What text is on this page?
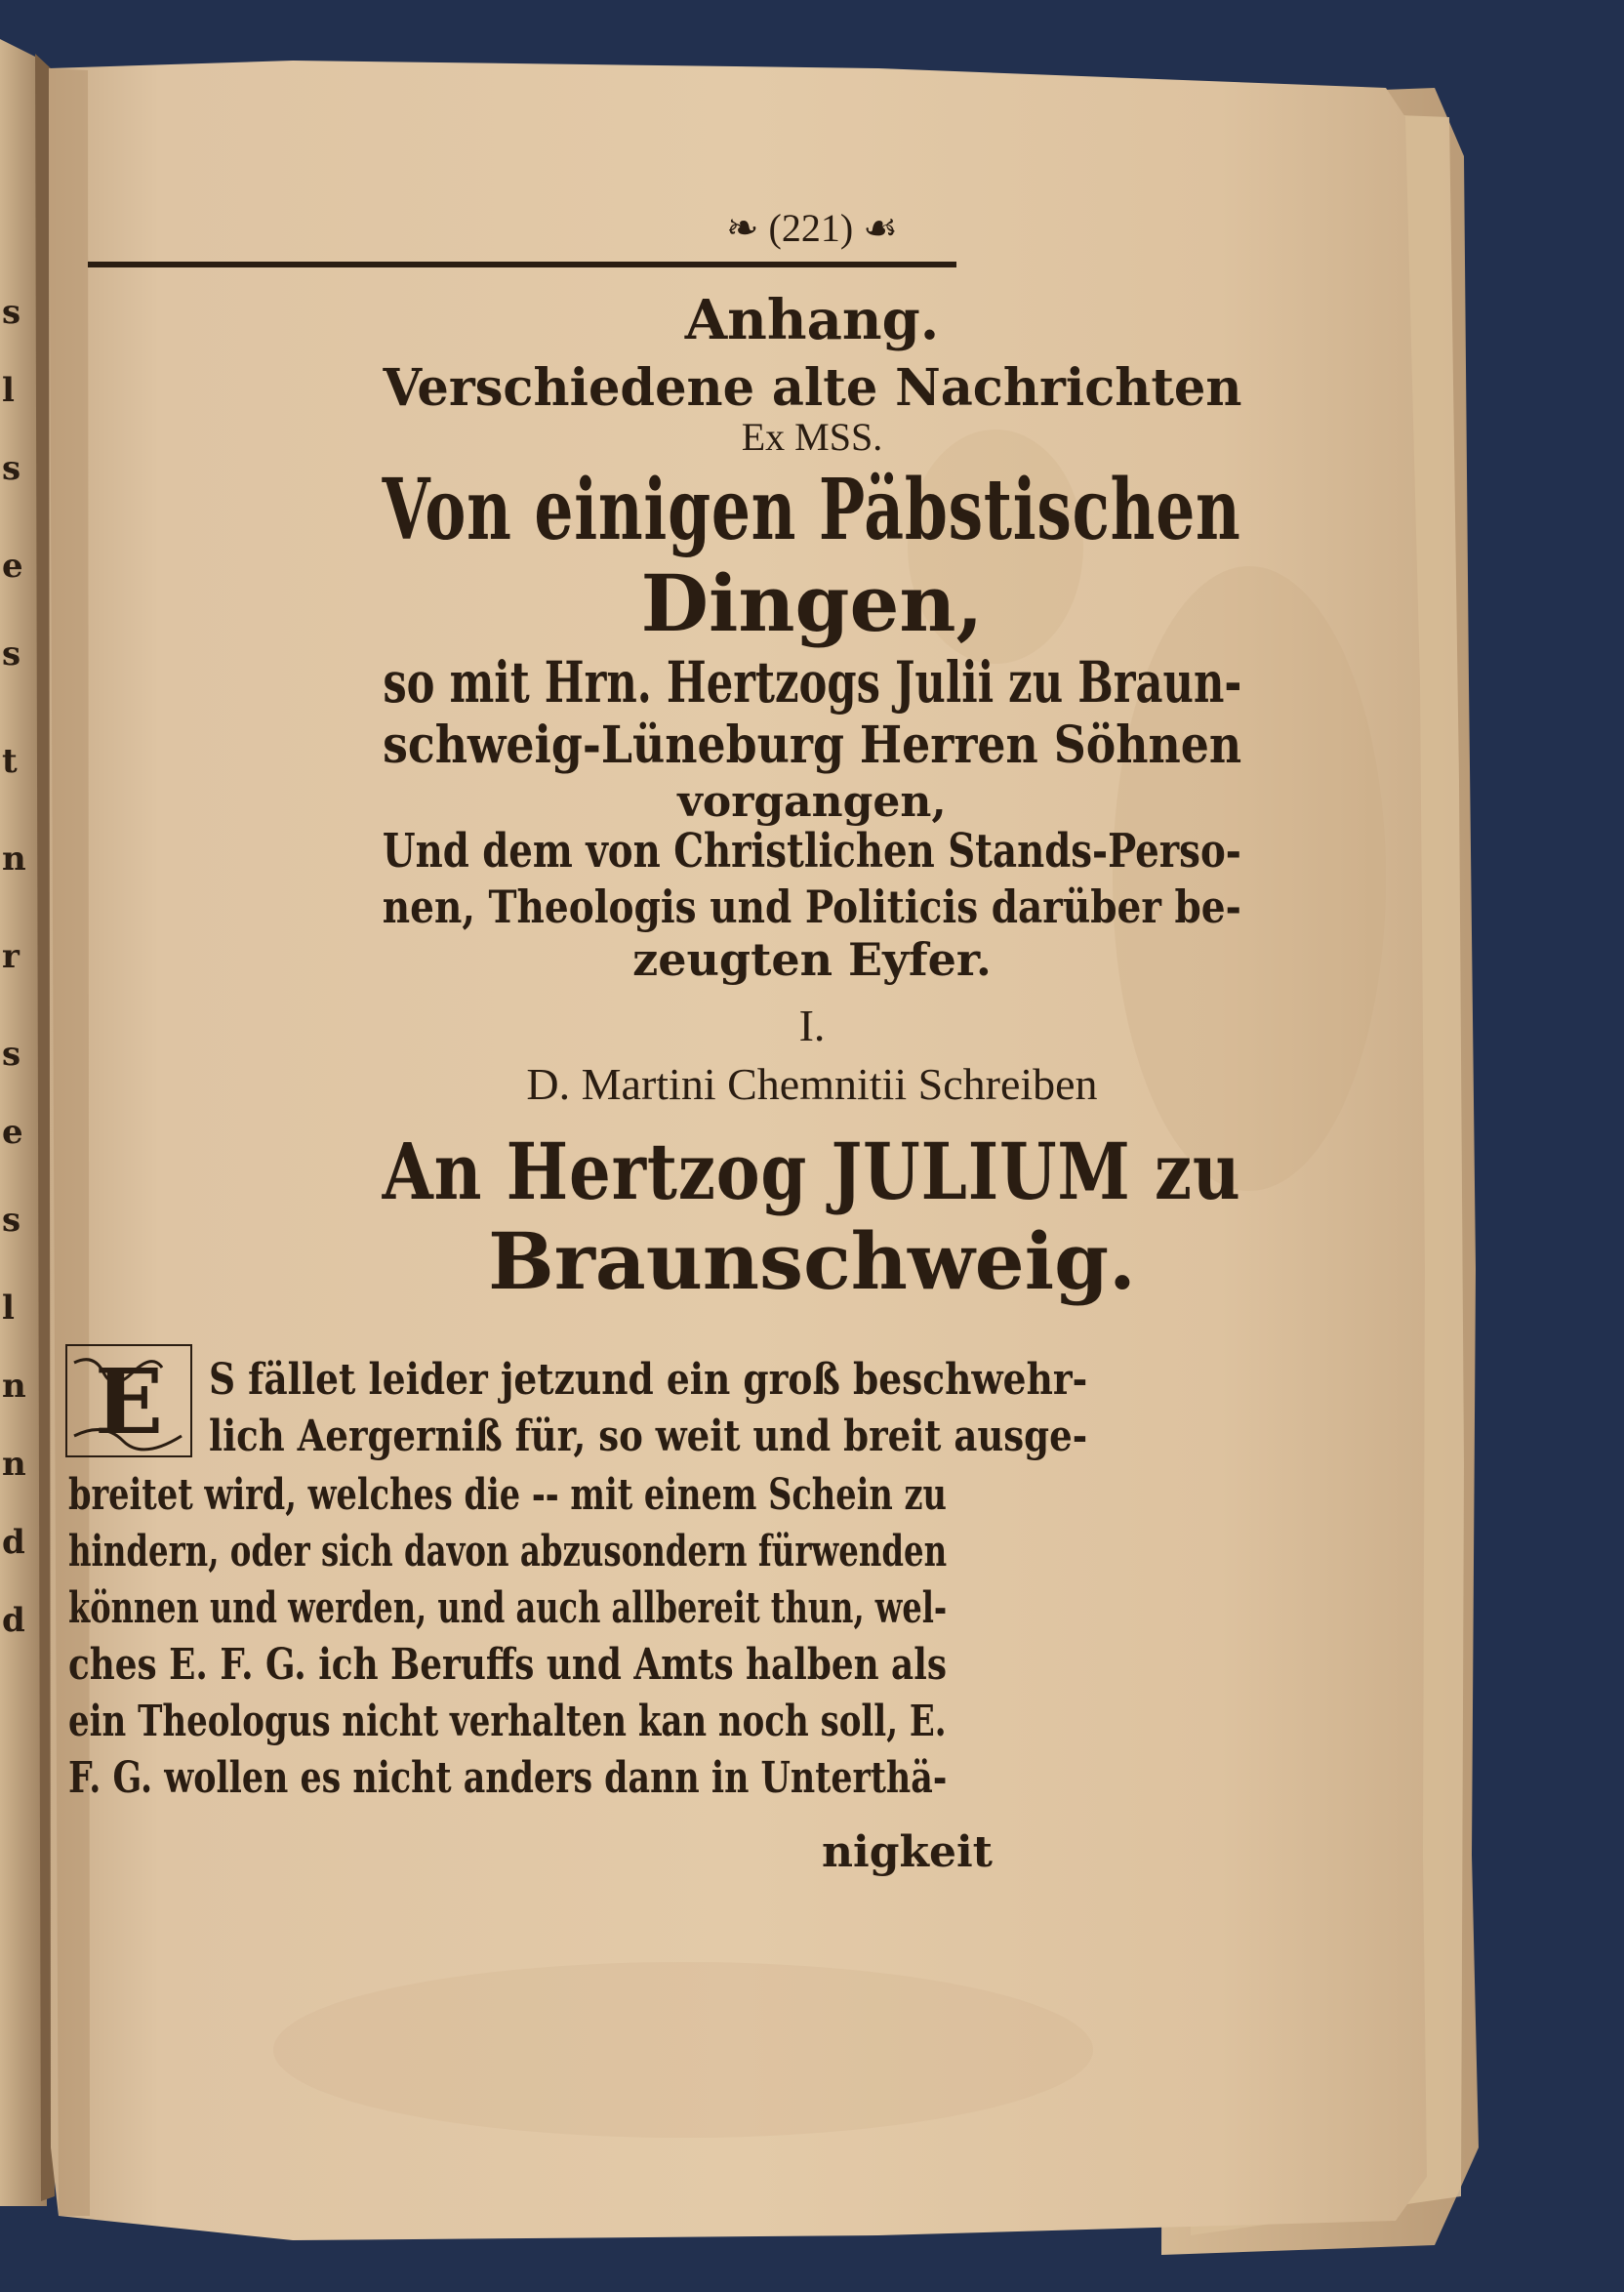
❧ (221) ☙
Anhang.
Verschiedene alte Nachrichten
Ex MSS.
Von einigen Päbstischen
Dingen,
so mit Hrn. Hertzogs Julii zu Braun-
schweig-Lüneburg Herren Söhnen
vorgangen,
Und dem von Christlichen Stands-Perso-
nen, Theologis und Politicis darüber be-
zeugten Eyfer.
I.
D. Martini Chemnitii Schreiben
An Hertzog JULIUM zu
Braunschweig.
E S fället leider jetzund ein groß beschwehr-
lich Aergerniß für, so weit und breit ausge-
breitet wird, welches die -- mit einem Schein zu
hindern, oder sich davon abzusondern fürwenden
können und werden, und auch allbereit thun, wel-
ches E. F. G. ich Beruffs und Amts halben als
ein Theologus nicht verhalten kan noch soll, E.
F. G. wollen es nicht anders dann in Unterthä-
nigkeit
s
l
s
e
s
t
n
r
s
e
s
l
n
n
d
d
